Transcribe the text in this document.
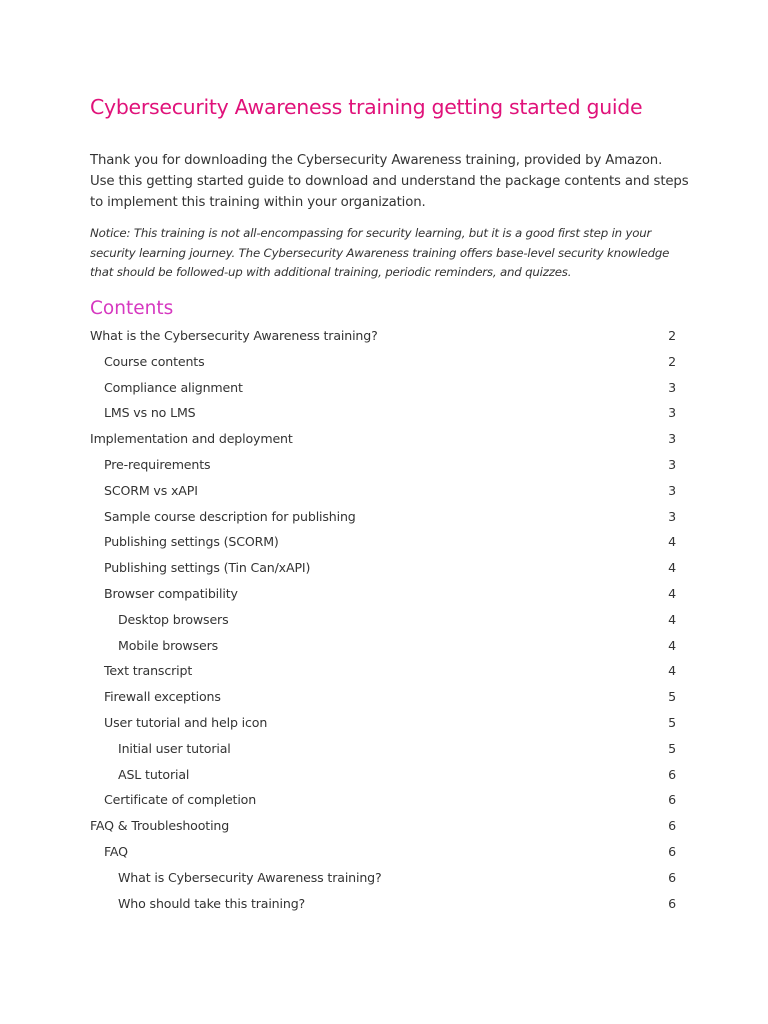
Cybersecurity Awareness training getting started guide

Thank you for downloading the Cybersecurity Awareness training, provided by Amazon. Use this getting started guide to download and understand the package contents and steps to implement this training within your organization.

Notice: This training is not all-encompassing for security learning, but it is a good first step in your security learning journey. The Cybersecurity Awareness training offers base-level security knowledge that should be followed-up with additional training, periodic reminders, and quizzes.

Contents
What is the Cybersecurity Awareness training?	2
Course contents	2
Compliance alignment	3
LMS vs no LMS	3
Implementation and deployment	3
Pre-requirements	3
SCORM vs xAPI	3
Sample course description for publishing	3
Publishing settings (SCORM)	4
Publishing settings (Tin Can/xAPI)	4
Browser compatibility	4
Desktop browsers	4
Mobile browsers	4
Text transcript	4
Firewall exceptions	5
User tutorial and help icon	5
Initial user tutorial	5
ASL tutorial	6
Certificate of completion	6
FAQ & Troubleshooting	6
FAQ	6
What is Cybersecurity Awareness training?	6
Who should take this training?	6
